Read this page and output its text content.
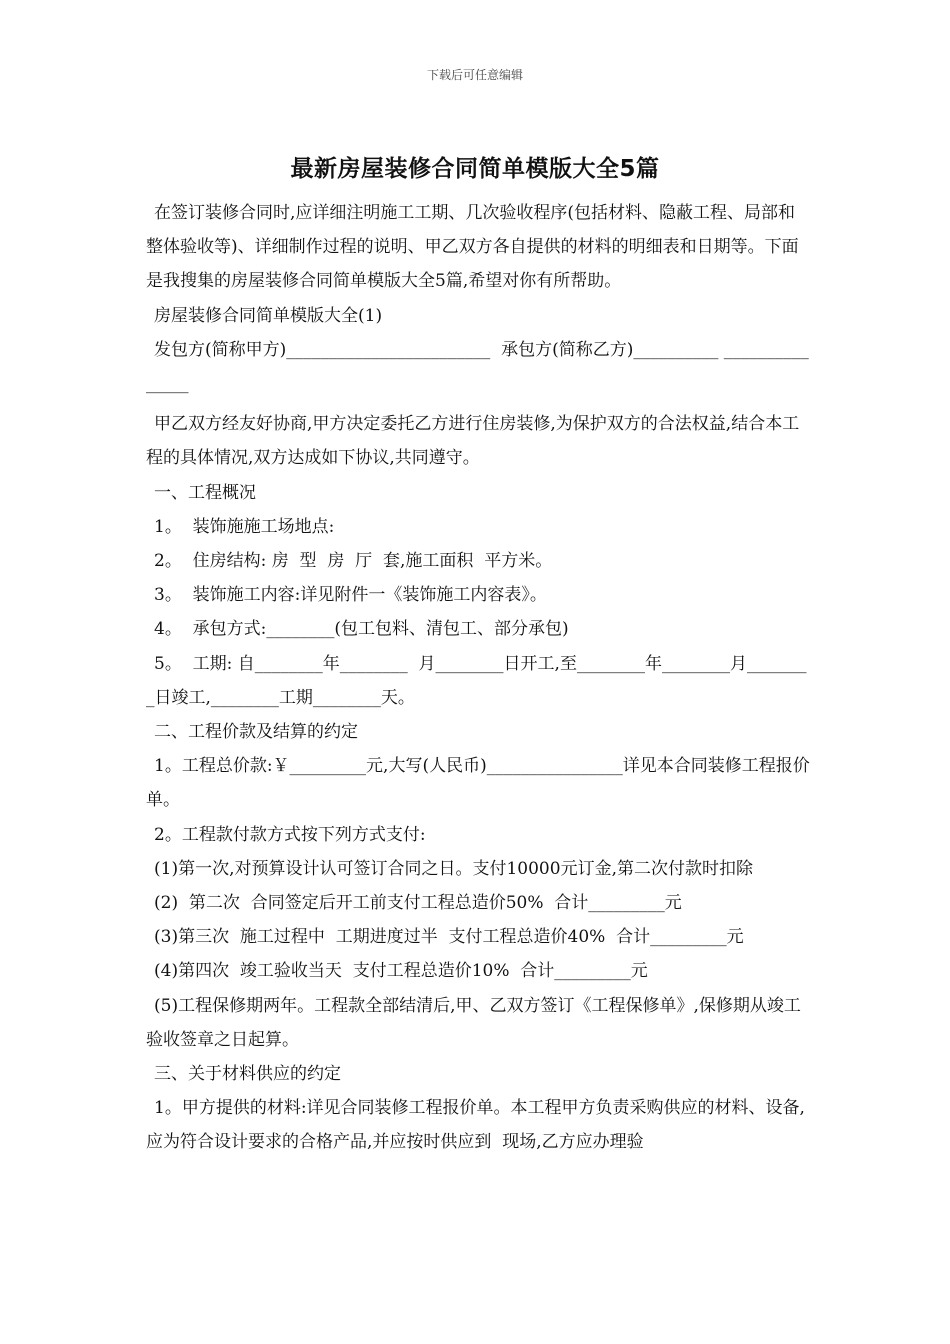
下载后可任意编辑
最新房屋装修合同简单模版大全5篇

在签订装修合同时,应详细注明施工工期、几次验收程序(包括材料、隐蔽工程、局部和整体验收等)、详细制作过程的说明、甲乙双方各自提供的材料的明细表和日期等。下面是我搜集的房屋装修合同简单模版大全5篇,希望对你有所帮助。

房屋装修合同简单模版大全(1)

发包方(简称甲方)________________________  承包方(简称乙方)__________ _______________

甲乙双方经友好协商,甲方决定委托乙方进行住房装修,为保护双方的合法权益,结合本工程的具体情况,双方达成如下协议,共同遵守。

一、工程概况

1。  装饰施施工场地点:

2。  住房结构: 房  型  房  厅  套,施工面积  平方米。

3。  装饰施工内容:详见附件一《装饰施工内容表》。

4。  承包方式:________(包工包料、清包工、部分承包)

5。  工期: 自________年________  月________日开工,至________年________月________日竣工,________工期________天。

二、工程价款及结算的约定

1。工程总价款:￥_________元,大写(人民币)________________详见本合同装修工程报价单。

2。工程款付款方式按下列方式支付:

(1)第一次,对预算设计认可签订合同之日。支付10000元订金,第二次付款时扣除

(2)  第二次  合同签定后开工前支付工程总造价50%  合计_________元

(3)第三次  施工过程中  工期进度过半  支付工程总造价40%  合计_________元

(4)第四次  竣工验收当天  支付工程总造价10%  合计_________元

(5)工程保修期两年。工程款全部结清后,甲、乙双方签订《工程保修单》,保修期从竣工验收签章之日起算。

三、关于材料供应的约定

1。甲方提供的材料:详见合同装修工程报价单。本工程甲方负责采购供应的材料、设备,应为符合设计要求的合格产品,并应按时供应到  现场,乙方应办理验
